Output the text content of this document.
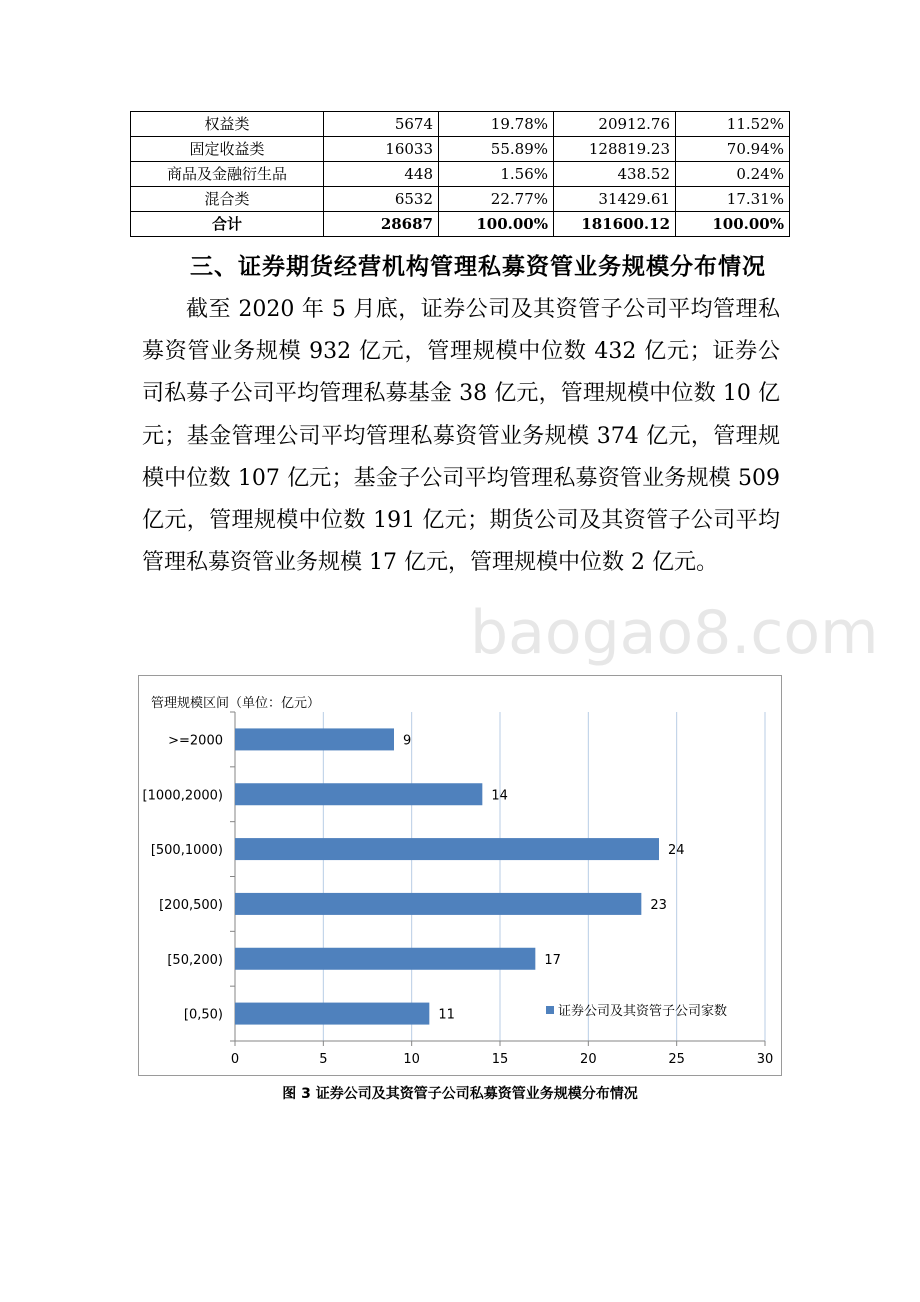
权益类	5674	19.78%	20912.76	11.52%
固定收益类	16033	55.89%	128819.23	70.94%
商品及金融衍生品	448	1.56%	438.52	0.24%
混合类	6532	22.77%	31429.61	17.31%
合计	28687	100.00%	181600.12	100.00%
三、证券期货经营机构管理私募资管业务规模分布情况

截至 2020 年 5 月底，证券公司及其资管子公司平均管理私募资管业务规模 932 亿元，管理规模中位数 432 亿元；证券公司私募子公司平均管理私募基金 38 亿元，管理规模中位数 10 亿元；基金管理公司平均管理私募资管业务规模 374 亿元，管理规模中位数 107 亿元；基金子公司平均管理私募资管业务规模 509 亿元，管理规模中位数 191 亿元；期货公司及其资管子公司平均管理私募资管业务规模 17 亿元，管理规模中位数 2 亿元。

baogao8.com
管理规模区间（单位：亿元）
0	5	10	15	20	25	30
>=2000	9
[1000,2000)	14
[500,1000)	24
[200,500)	23
[50,200)	17
[0,50)	11	证券公司及其资管子公司家数

图 3 证券公司及其资管子公司私募资管业务规模分布情况
